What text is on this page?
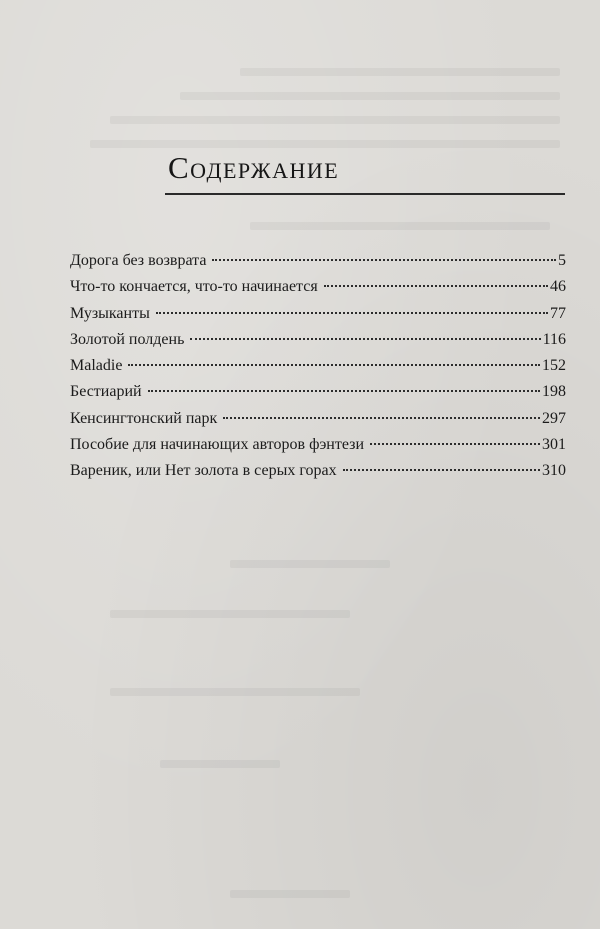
Содержание
Дорога без возврата	5
Что-то кончается, что-то начинается	46
Музыканты	77
Золотой полдень	116
Maladie	152
Бестиарий	198
Кенсингтонский парк	297
Пособие для начинающих авторов фэнтези	301
Вареник, или Нет золота в серых горах	310
